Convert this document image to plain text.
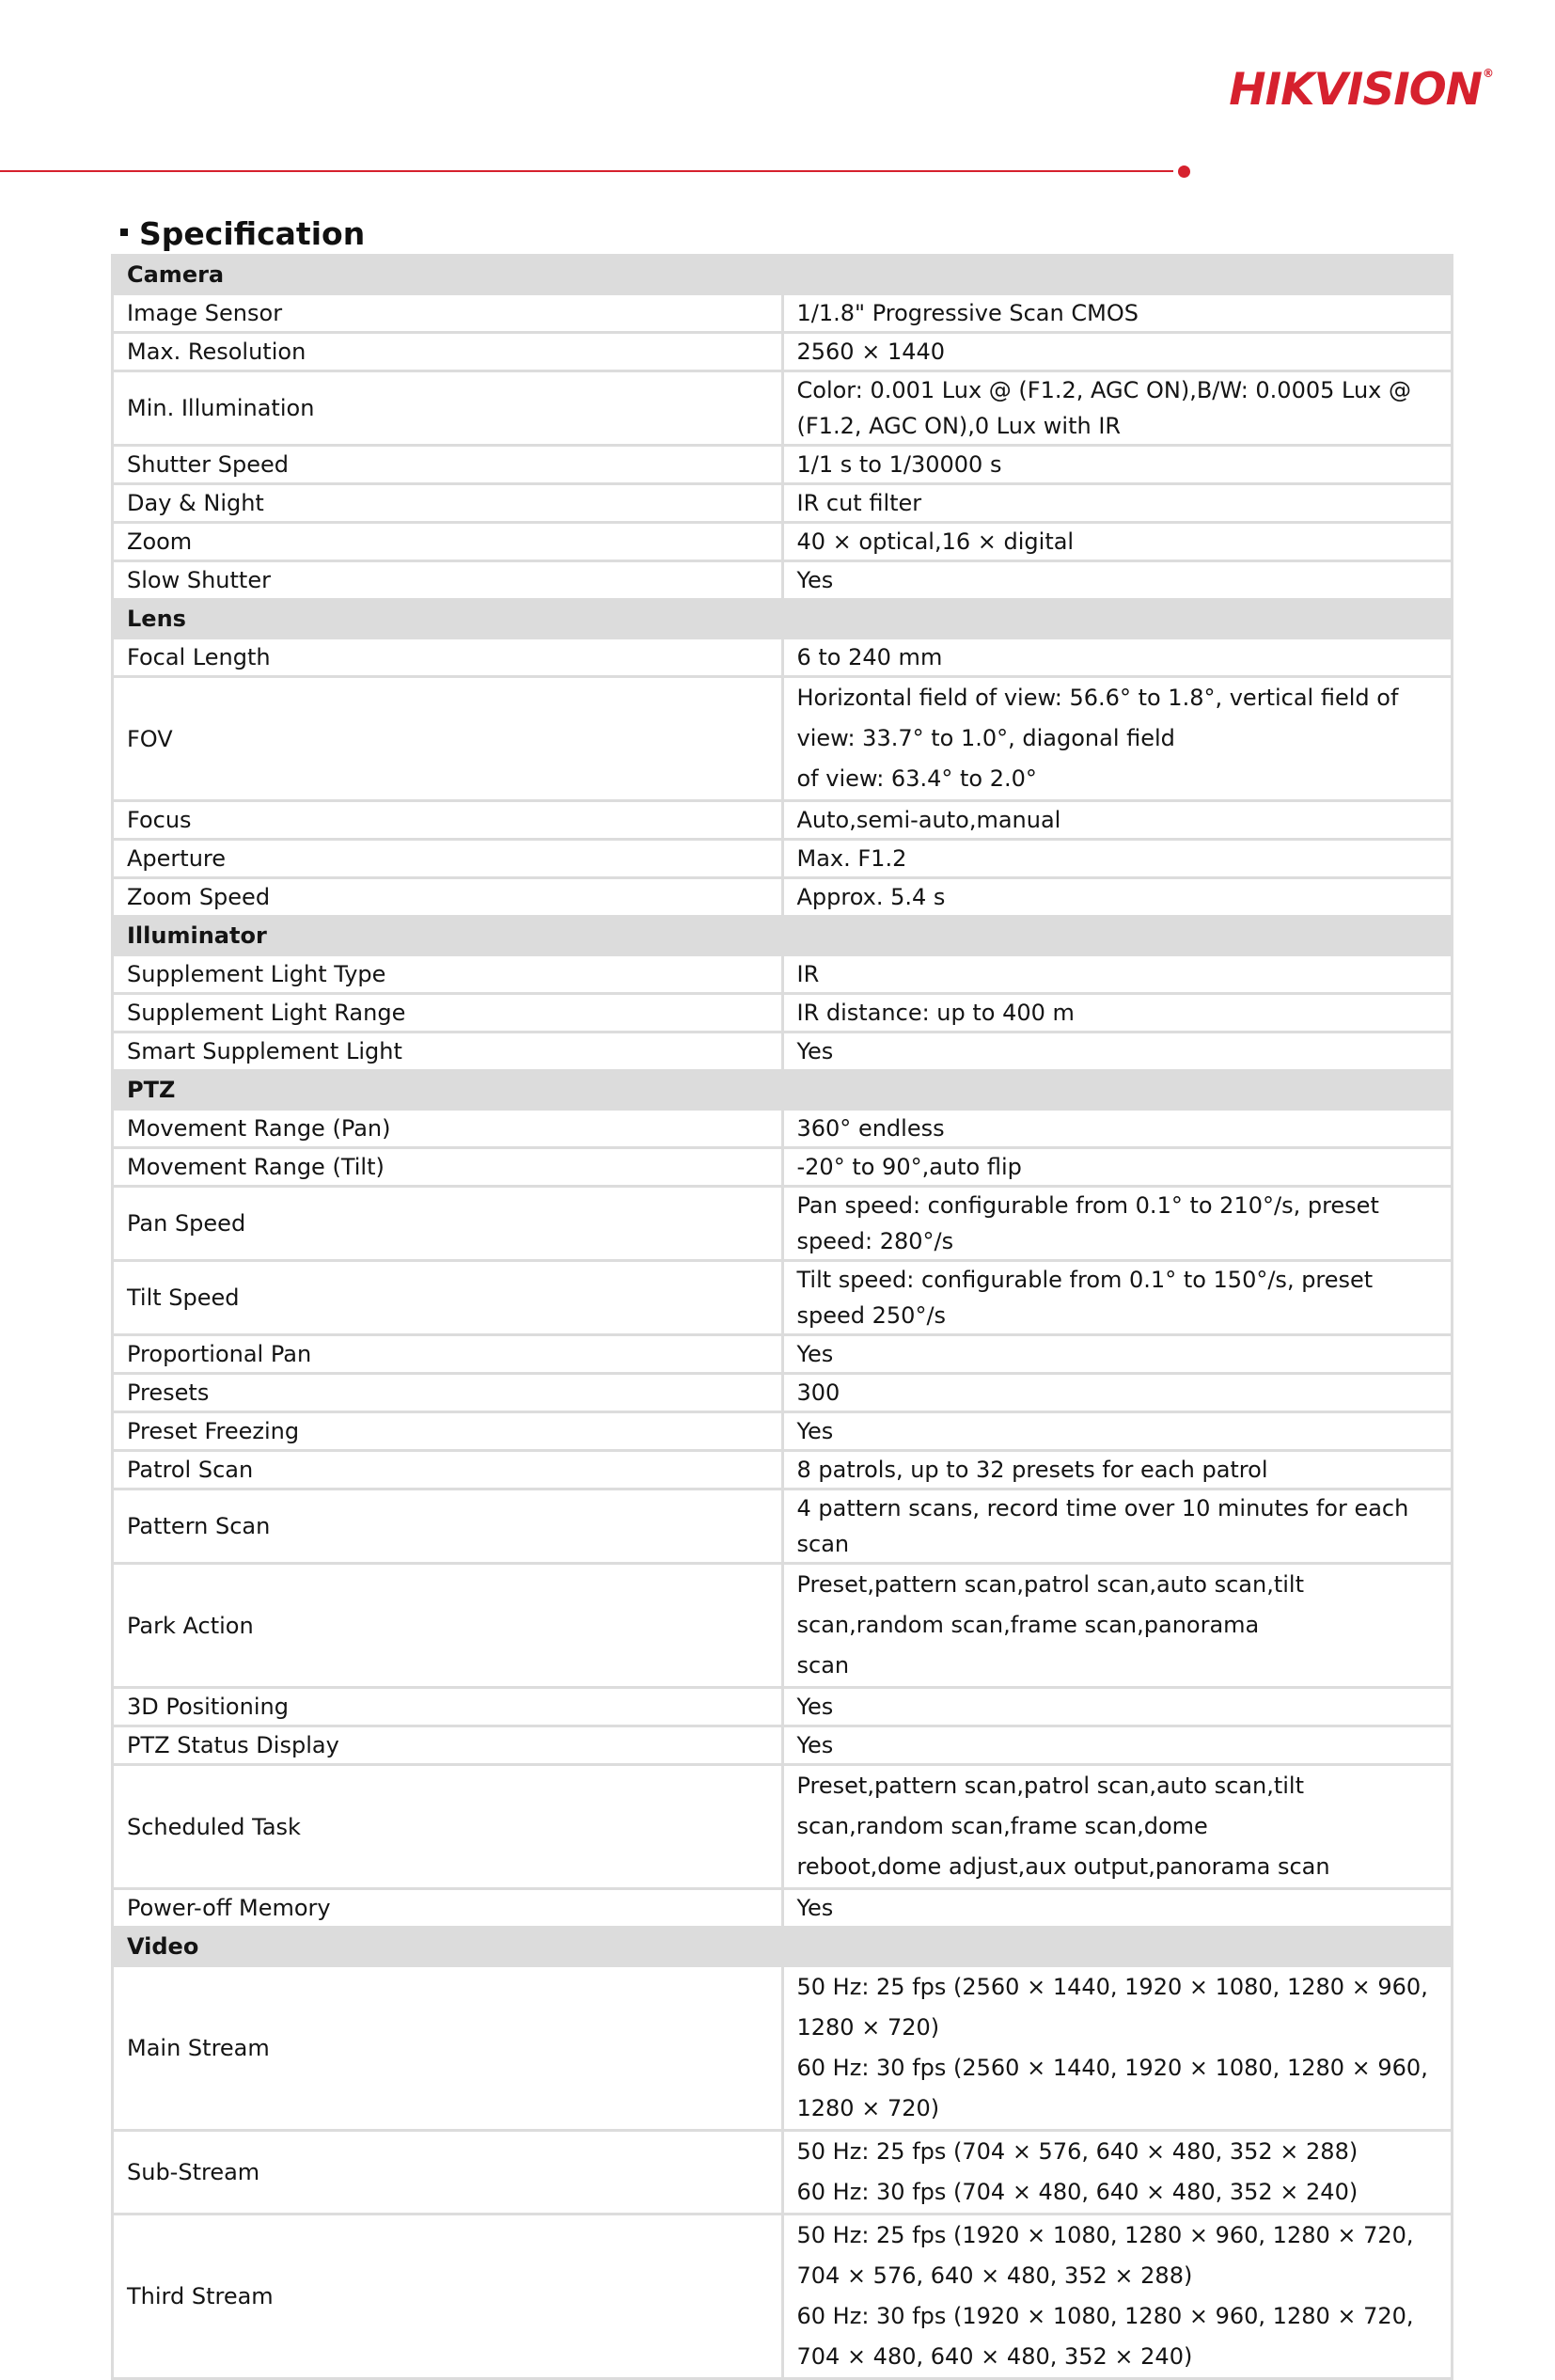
HIKVISION®
Specification
Camera	
Image Sensor	1/1.8" Progressive Scan CMOS

Max. Resolution	2560 × 1440

Min. Illumination	Color: 0.001 Lux @ (F1.2, AGC ON),B/W: 0.0005 Lux @ (F1.2, AGC ON),0 Lux with IR

Shutter Speed	1/1 s to 1/30000 s

Day & Night	IR cut filter

Zoom	40 × optical,16 × digital

Slow Shutter	Yes

Lens	
Focal Length	6 to 240 mm

FOV	Horizontal field of view: 56.6° to 1.8°, vertical field of view: 33.7° to 1.0°, diagonal field
of view: 63.4° to 2.0°

Focus	Auto,semi-auto,manual

Aperture	Max. F1.2

Zoom Speed	Approx. 5.4 s

Illuminator	
Supplement Light Type	IR

Supplement Light Range	IR distance: up to 400 m

Smart Supplement Light	Yes

PTZ	
Movement Range (Pan)	360° endless

Movement Range (Tilt)	-20° to 90°,auto flip

Pan Speed	Pan speed: configurable from 0.1° to 210°/s, preset speed: 280°/s

Tilt Speed	Tilt speed: configurable from 0.1° to 150°/s, preset speed 250°/s

Proportional Pan	Yes

Presets	300

Preset Freezing	Yes

Patrol Scan	8 patrols, up to 32 presets for each patrol

Pattern Scan	4 pattern scans, record time over 10 minutes for each scan

Park Action	Preset,pattern scan,patrol scan,auto scan,tilt scan,random scan,frame scan,panorama
scan

3D Positioning	Yes

PTZ Status Display	Yes

Scheduled Task	Preset,pattern scan,patrol scan,auto scan,tilt scan,random scan,frame scan,dome
reboot,dome adjust,aux output,panorama scan

Power-off Memory	Yes

Video	
Main Stream	50 Hz: 25 fps (2560 × 1440, 1920 × 1080, 1280 × 960, 1280 × 720)
60 Hz: 30 fps (2560 × 1440, 1920 × 1080, 1280 × 960, 1280 × 720)

Sub-Stream	50 Hz: 25 fps (704 × 576, 640 × 480, 352 × 288)
60 Hz: 30 fps (704 × 480, 640 × 480, 352 × 240)

Third Stream	50 Hz: 25 fps (1920 × 1080, 1280 × 960, 1280 × 720, 704 × 576, 640 × 480, 352 × 288)
60 Hz: 30 fps (1920 × 1080, 1280 × 960, 1280 × 720, 704 × 480, 640 × 480, 352 × 240)
